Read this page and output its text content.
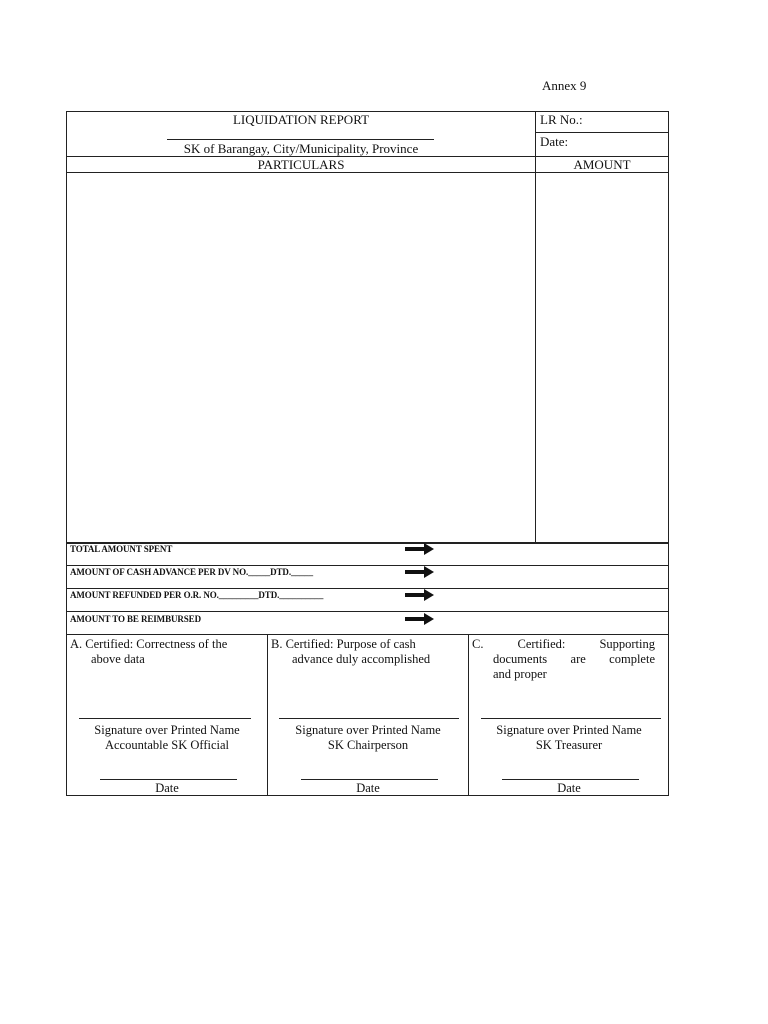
Annex 9
LIQUIDATION REPORT
SK of Barangay, City/Municipality, Province
LR No.:
Date:
PARTICULARS	AMOUNT
TOTAL AMOUNT SPENT
AMOUNT OF CASH ADVANCE PER DV NO._____DTD._____
AMOUNT REFUNDED PER O.R. NO._________DTD.__________
AMOUNT TO BE REIMBURSED
A. Certified: Correctness of the
above data
Signature over Printed Name
Accountable SK Official
Date
B. Certified: Purpose of cash
advance duly accomplished
Signature over Printed Name
SK Chairperson
Date
C.	Certified:	Supporting
documents are complete
and proper
Signature over Printed Name
SK Treasurer
Date
